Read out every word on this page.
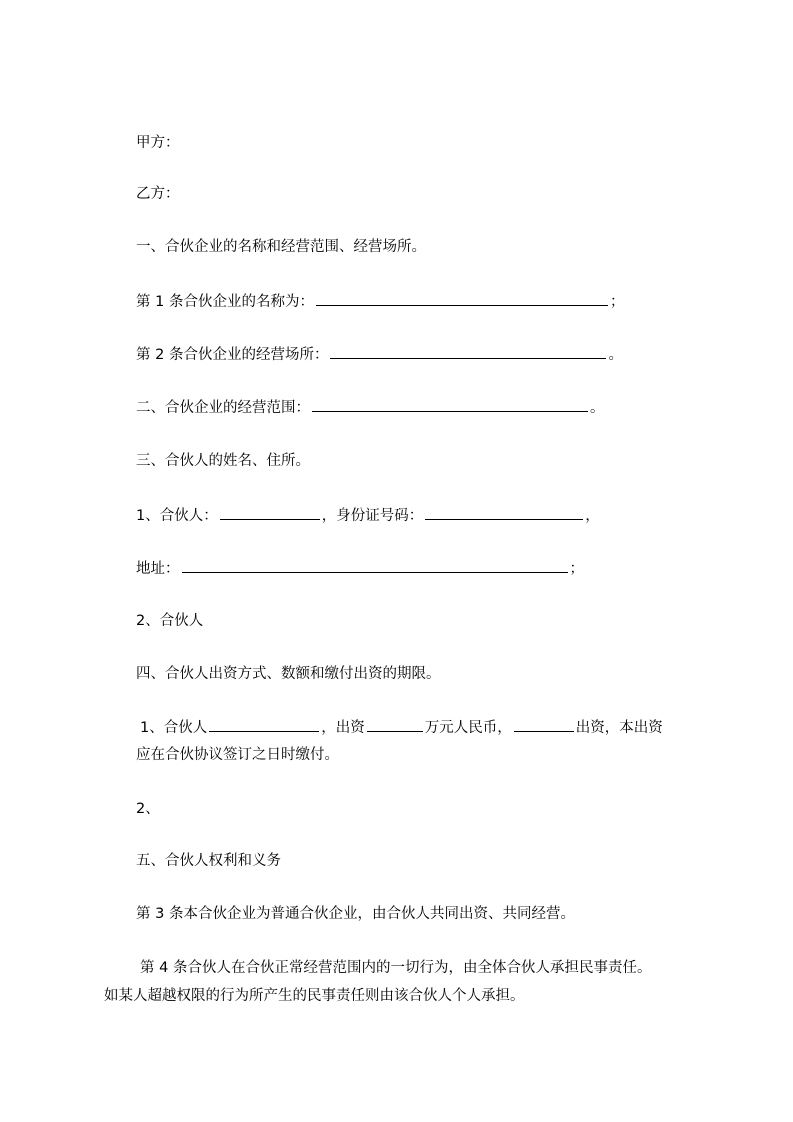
甲方：
乙方：
一、合伙企业的名称和经营范围、经营场所。
第 1 条合伙企业的名称为：	；
第 2 条合伙企业的经营场所：	。
二、合伙企业的经营范围：	。
三、合伙人的姓名、住所。
1、合伙人：	，身份证号码：	，
地址：	；
2、合伙人
四、合伙人出资方式、数额和缴付出资的期限。
1、合伙人	，出资	万元人民币，	出资，本出资
应在合伙协议签订之日时缴付。
2、
五、合伙人权利和义务
第 3 条本合伙企业为普通合伙企业，由合伙人共同出资、共同经营。
第 4 条合伙人在合伙正常经营范围内的一切行为，由全体合伙人承担民事责任。
如某人超越权限的行为所产生的民事责任则由该合伙人个人承担。
